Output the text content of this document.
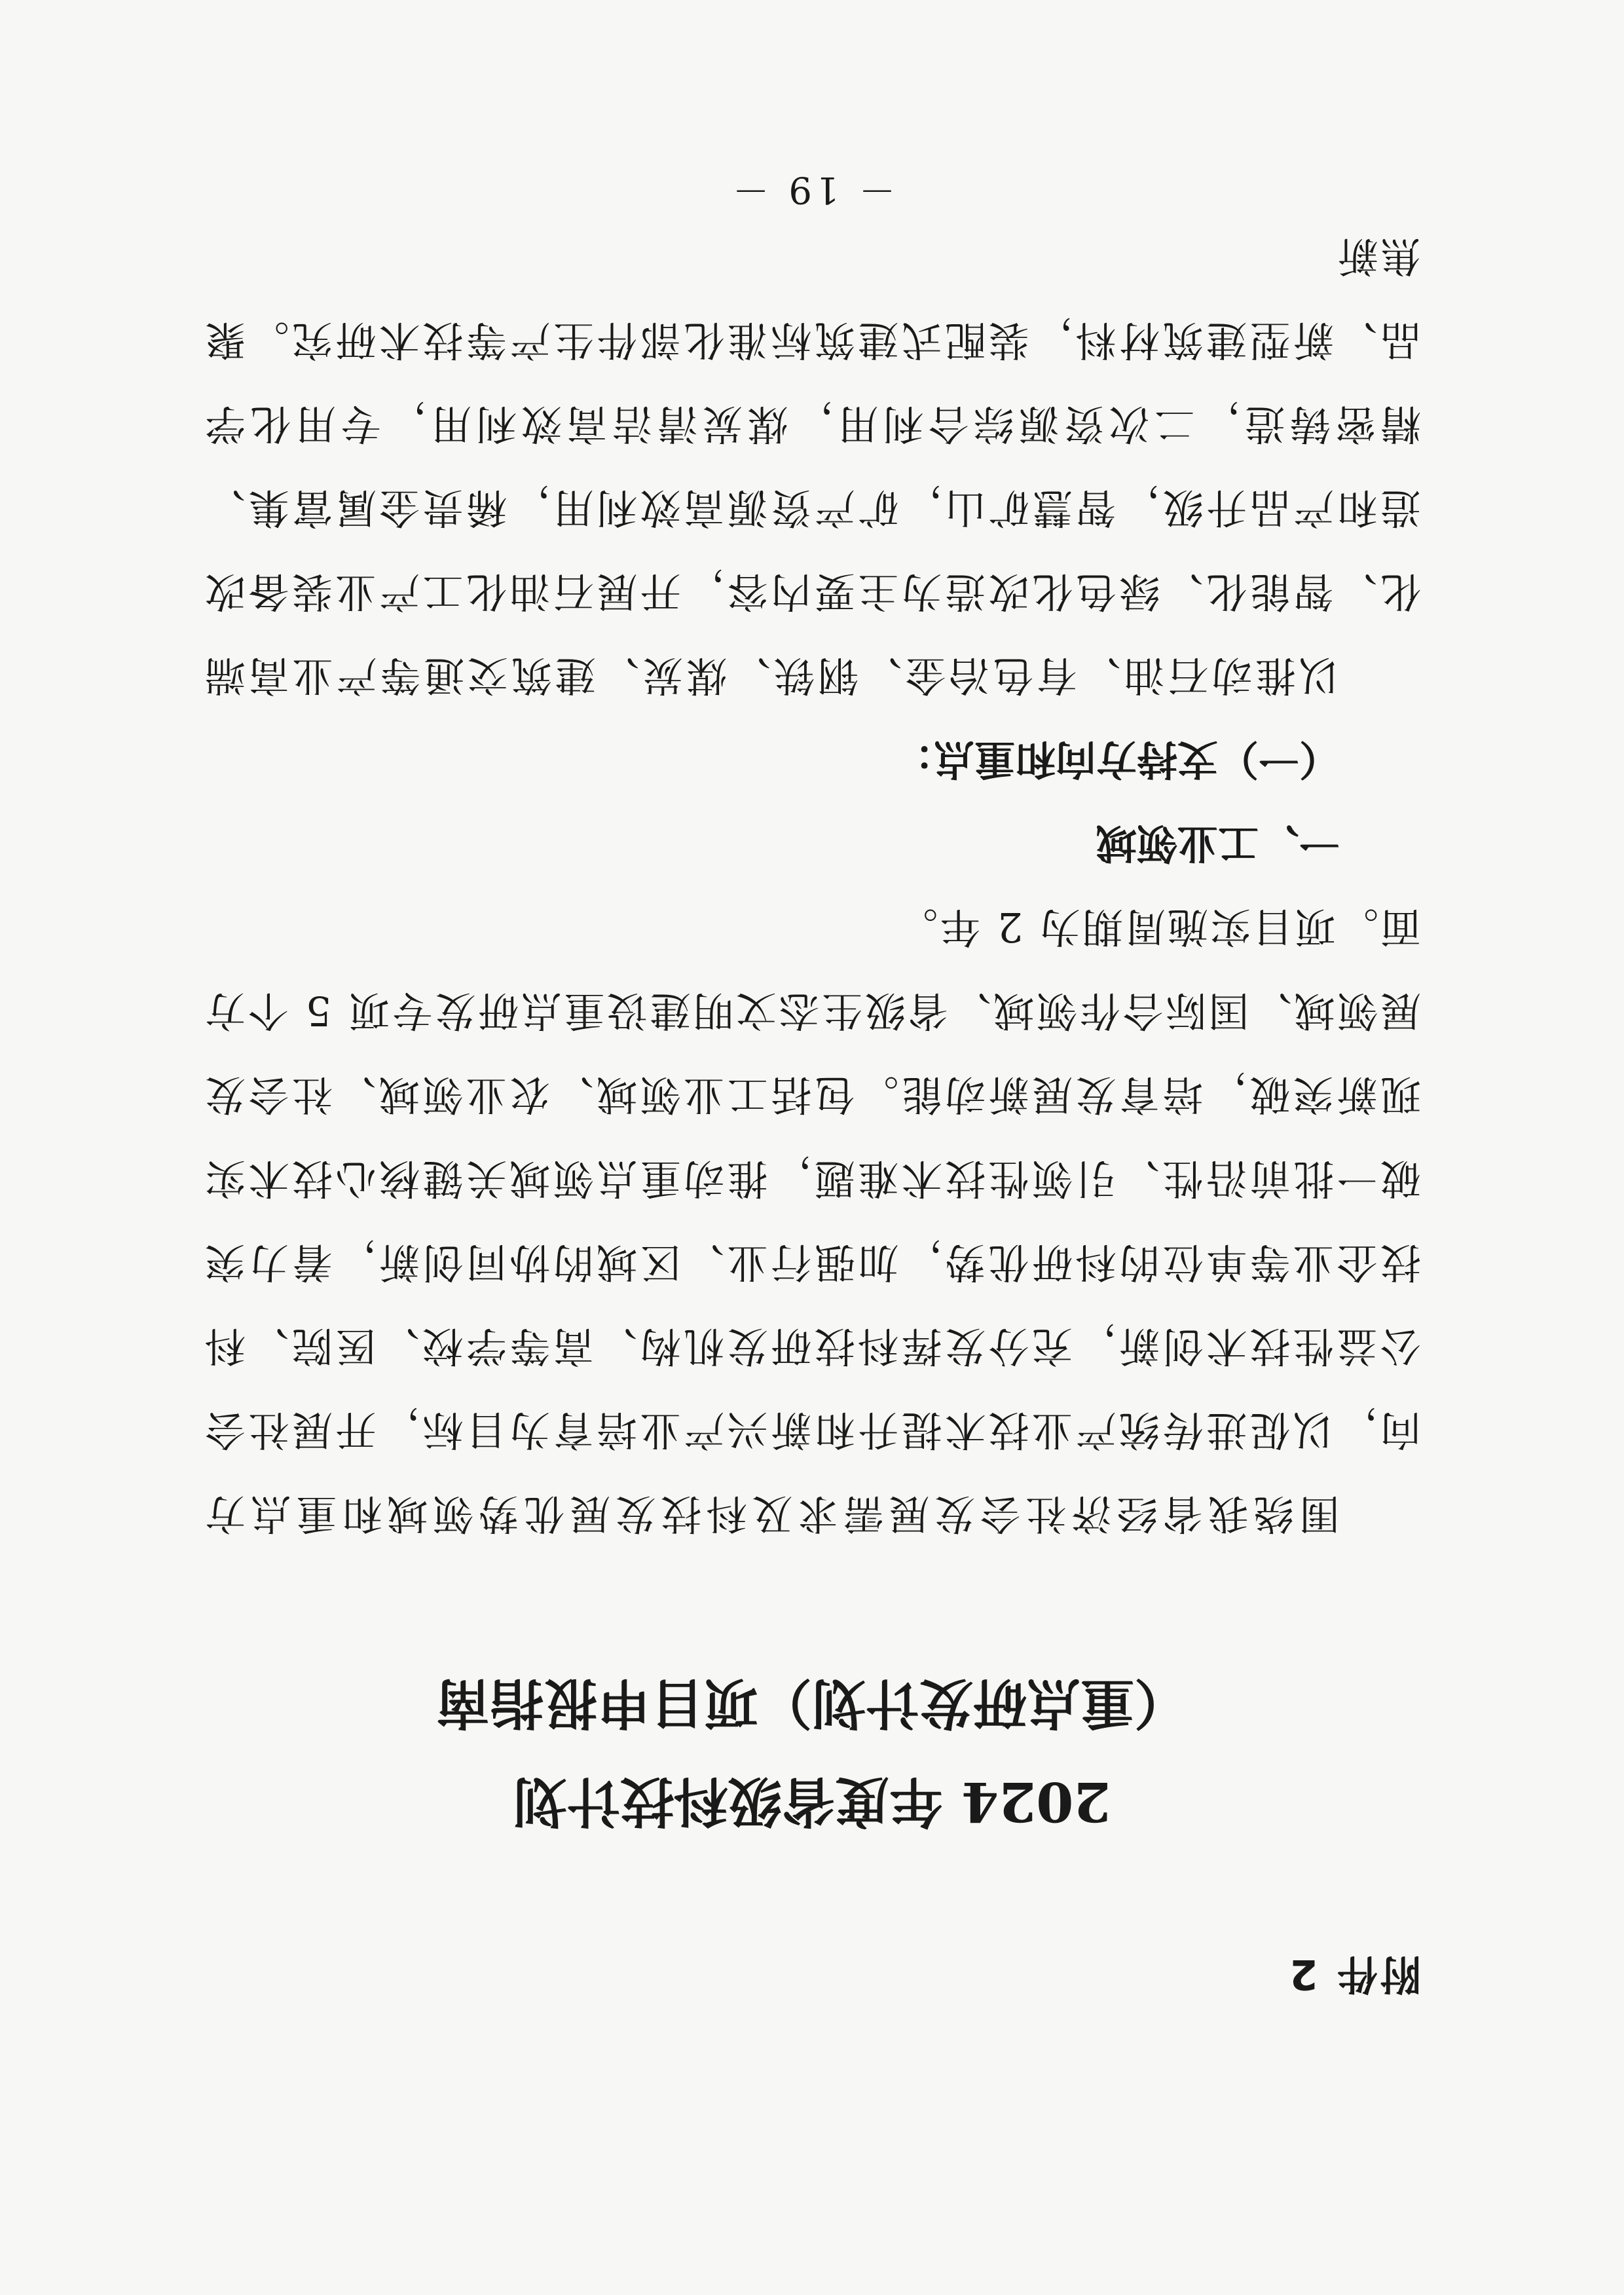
附件 2
2024 年度省级科技计划
（重点研发计划）项目申报指南

围绕我省经济社会发展需求及科技发展优势领域和重点方向，以促进传统产业技术提升和新兴产业培育为目标，开展社会公益性技术创新，充分发挥科技研发机构、高等学校、医院、科技企业等单位的科研优势，加强行业、区域的协同创新，着力突破一批前沿性、引领性技术难题，推动重点领域关键核心技术实现新突破，培育发展新动能。包括工业领域、农业领域、社会发展领域、国际合作领域、省级生态文明建设重点研发专项 5 个方面。项目实施周期为 2 年。

一、工业领域

（一）支持方向和重点：

以推动石油、有色冶金、钢铁、煤炭、建筑交通等产业高端化、智能化、绿色化改造为主要内容，开展石油化工产业装备改造和产品升级，智慧矿山，矿产资源高效利用，稀贵金属富集、精密铸造，二次资源综合利用，煤炭清洁高效利用，专用化学品、新型建筑材料，装配式建筑标准化部件生产等技术研究。聚焦新

－ 19 －
